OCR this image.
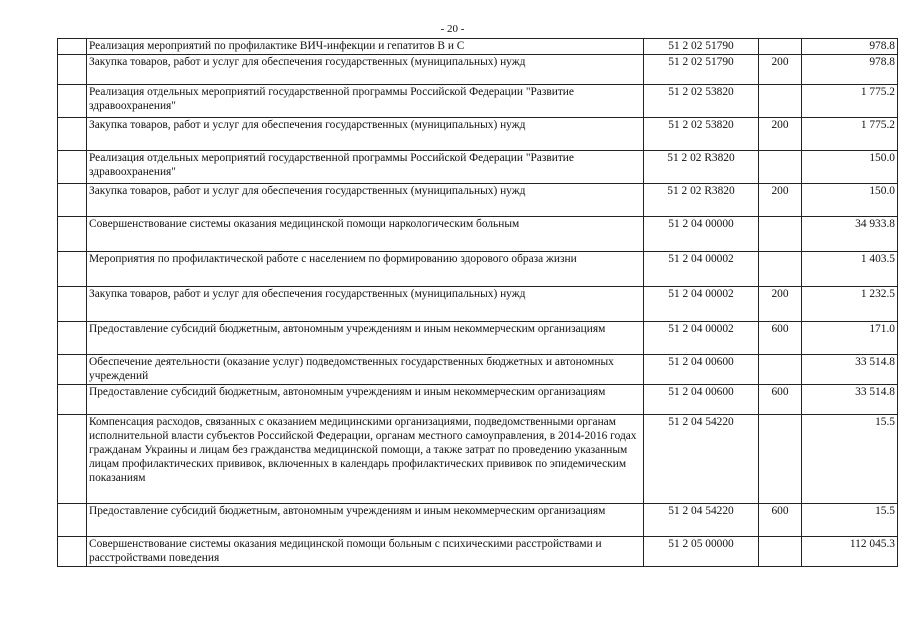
- 20 -
	Реализация мероприятий по профилактике ВИЧ-инфекции и гепатитов В и С	51 2 02 51790		978.8
	Закупка товаров, работ и услуг для обеспечения государственных (муниципальных) нужд	51 2 02 51790	200	978.8
	Реализация отдельных мероприятий государственной программы Российской Федерации "Развитие здравоохранения"	51 2 02 53820		1 775.2
	Закупка товаров, работ и услуг для обеспечения государственных (муниципальных) нужд	51 2 02 53820	200	1 775.2
	Реализация отдельных мероприятий государственной программы Российской Федерации "Развитие здравоохранения"	51 2 02 R3820		150.0
	Закупка товаров, работ и услуг для обеспечения государственных (муниципальных) нужд	51 2 02 R3820	200	150.0
	Совершенствование системы оказания медицинской помощи наркологическим больным	51 2 04 00000		34 933.8
	Мероприятия по профилактической работе с населением по формированию здорового образа жизни	51 2 04 00002		1 403.5
	Закупка товаров, работ и услуг для обеспечения государственных (муниципальных) нужд	51 2 04 00002	200	1 232.5
	Предоставление субсидий бюджетным, автономным учреждениям и иным некоммерческим организациям	51 2 04 00002	600	171.0
	Обеспечение деятельности (оказание услуг) подведомственных государственных бюджетных и автономных учреждений	51 2 04 00600		33 514.8
	Предоставление субсидий бюджетным, автономным учреждениям и иным некоммерческим организациям	51 2 04 00600	600	33 514.8
	Компенсация расходов, связанных с оказанием медицинскими организациями, подведомственными органам исполнительной власти субъектов Российской Федерации, органам местного самоуправления, в 2014-2016 годах гражданам Украины и лицам без гражданства медицинской помощи, а также затрат по проведению указанным лицам профилактических прививок, включенных в календарь профилактических прививок по эпидемическим показаниям	51 2 04 54220		15.5
	Предоставление субсидий бюджетным, автономным учреждениям и иным некоммерческим организациям	51 2 04 54220	600	15.5
	Совершенствование системы оказания медицинской помощи больным с психическими расстройствами и расстройствами поведения	51 2 05 00000		112 045.3
